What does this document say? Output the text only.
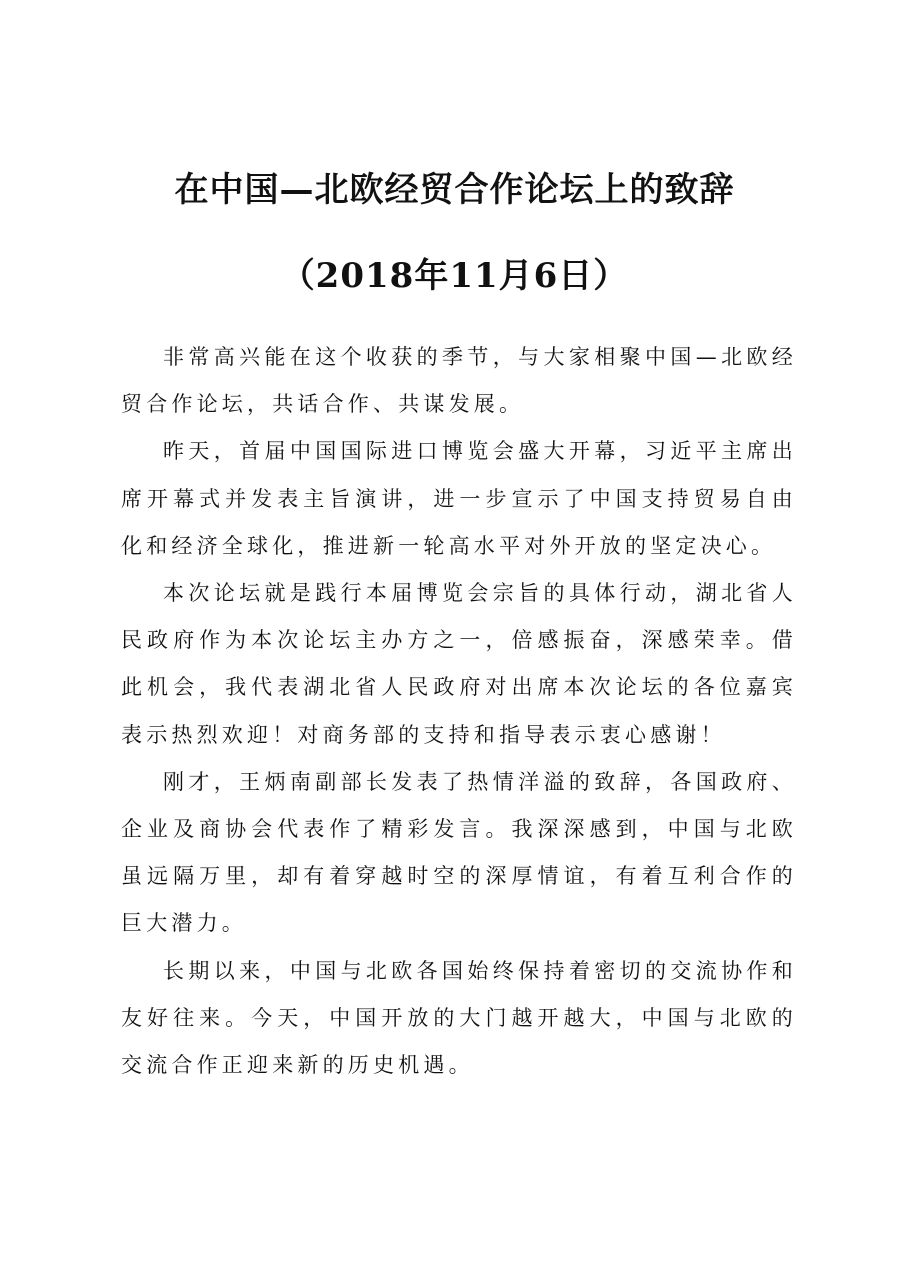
在中国—北欧经贸合作论坛上的致辞
（2018年11月6日）

非常高兴能在这个收获的季节，与大家相聚中国—北欧经贸合作论坛，共话合作、共谋发展。

昨天，首届中国国际进口博览会盛大开幕，习近平主席出席开幕式并发表主旨演讲，进一步宣示了中国支持贸易自由化和经济全球化，推进新一轮高水平对外开放的坚定决心。

本次论坛就是践行本届博览会宗旨的具体行动，湖北省人民政府作为本次论坛主办方之一，倍感振奋，深感荣幸。借此机会，我代表湖北省人民政府对出席本次论坛的各位嘉宾表示热烈欢迎！对商务部的支持和指导表示衷心感谢！

刚才，王炳南副部长发表了热情洋溢的致辞，各国政府、企业及商协会代表作了精彩发言。我深深感到，中国与北欧虽远隔万里，却有着穿越时空的深厚情谊，有着互利合作的巨大潜力。

长期以来，中国与北欧各国始终保持着密切的交流协作和友好往来。今天，中国开放的大门越开越大，中国与北欧的交流合作正迎来新的历史机遇。
